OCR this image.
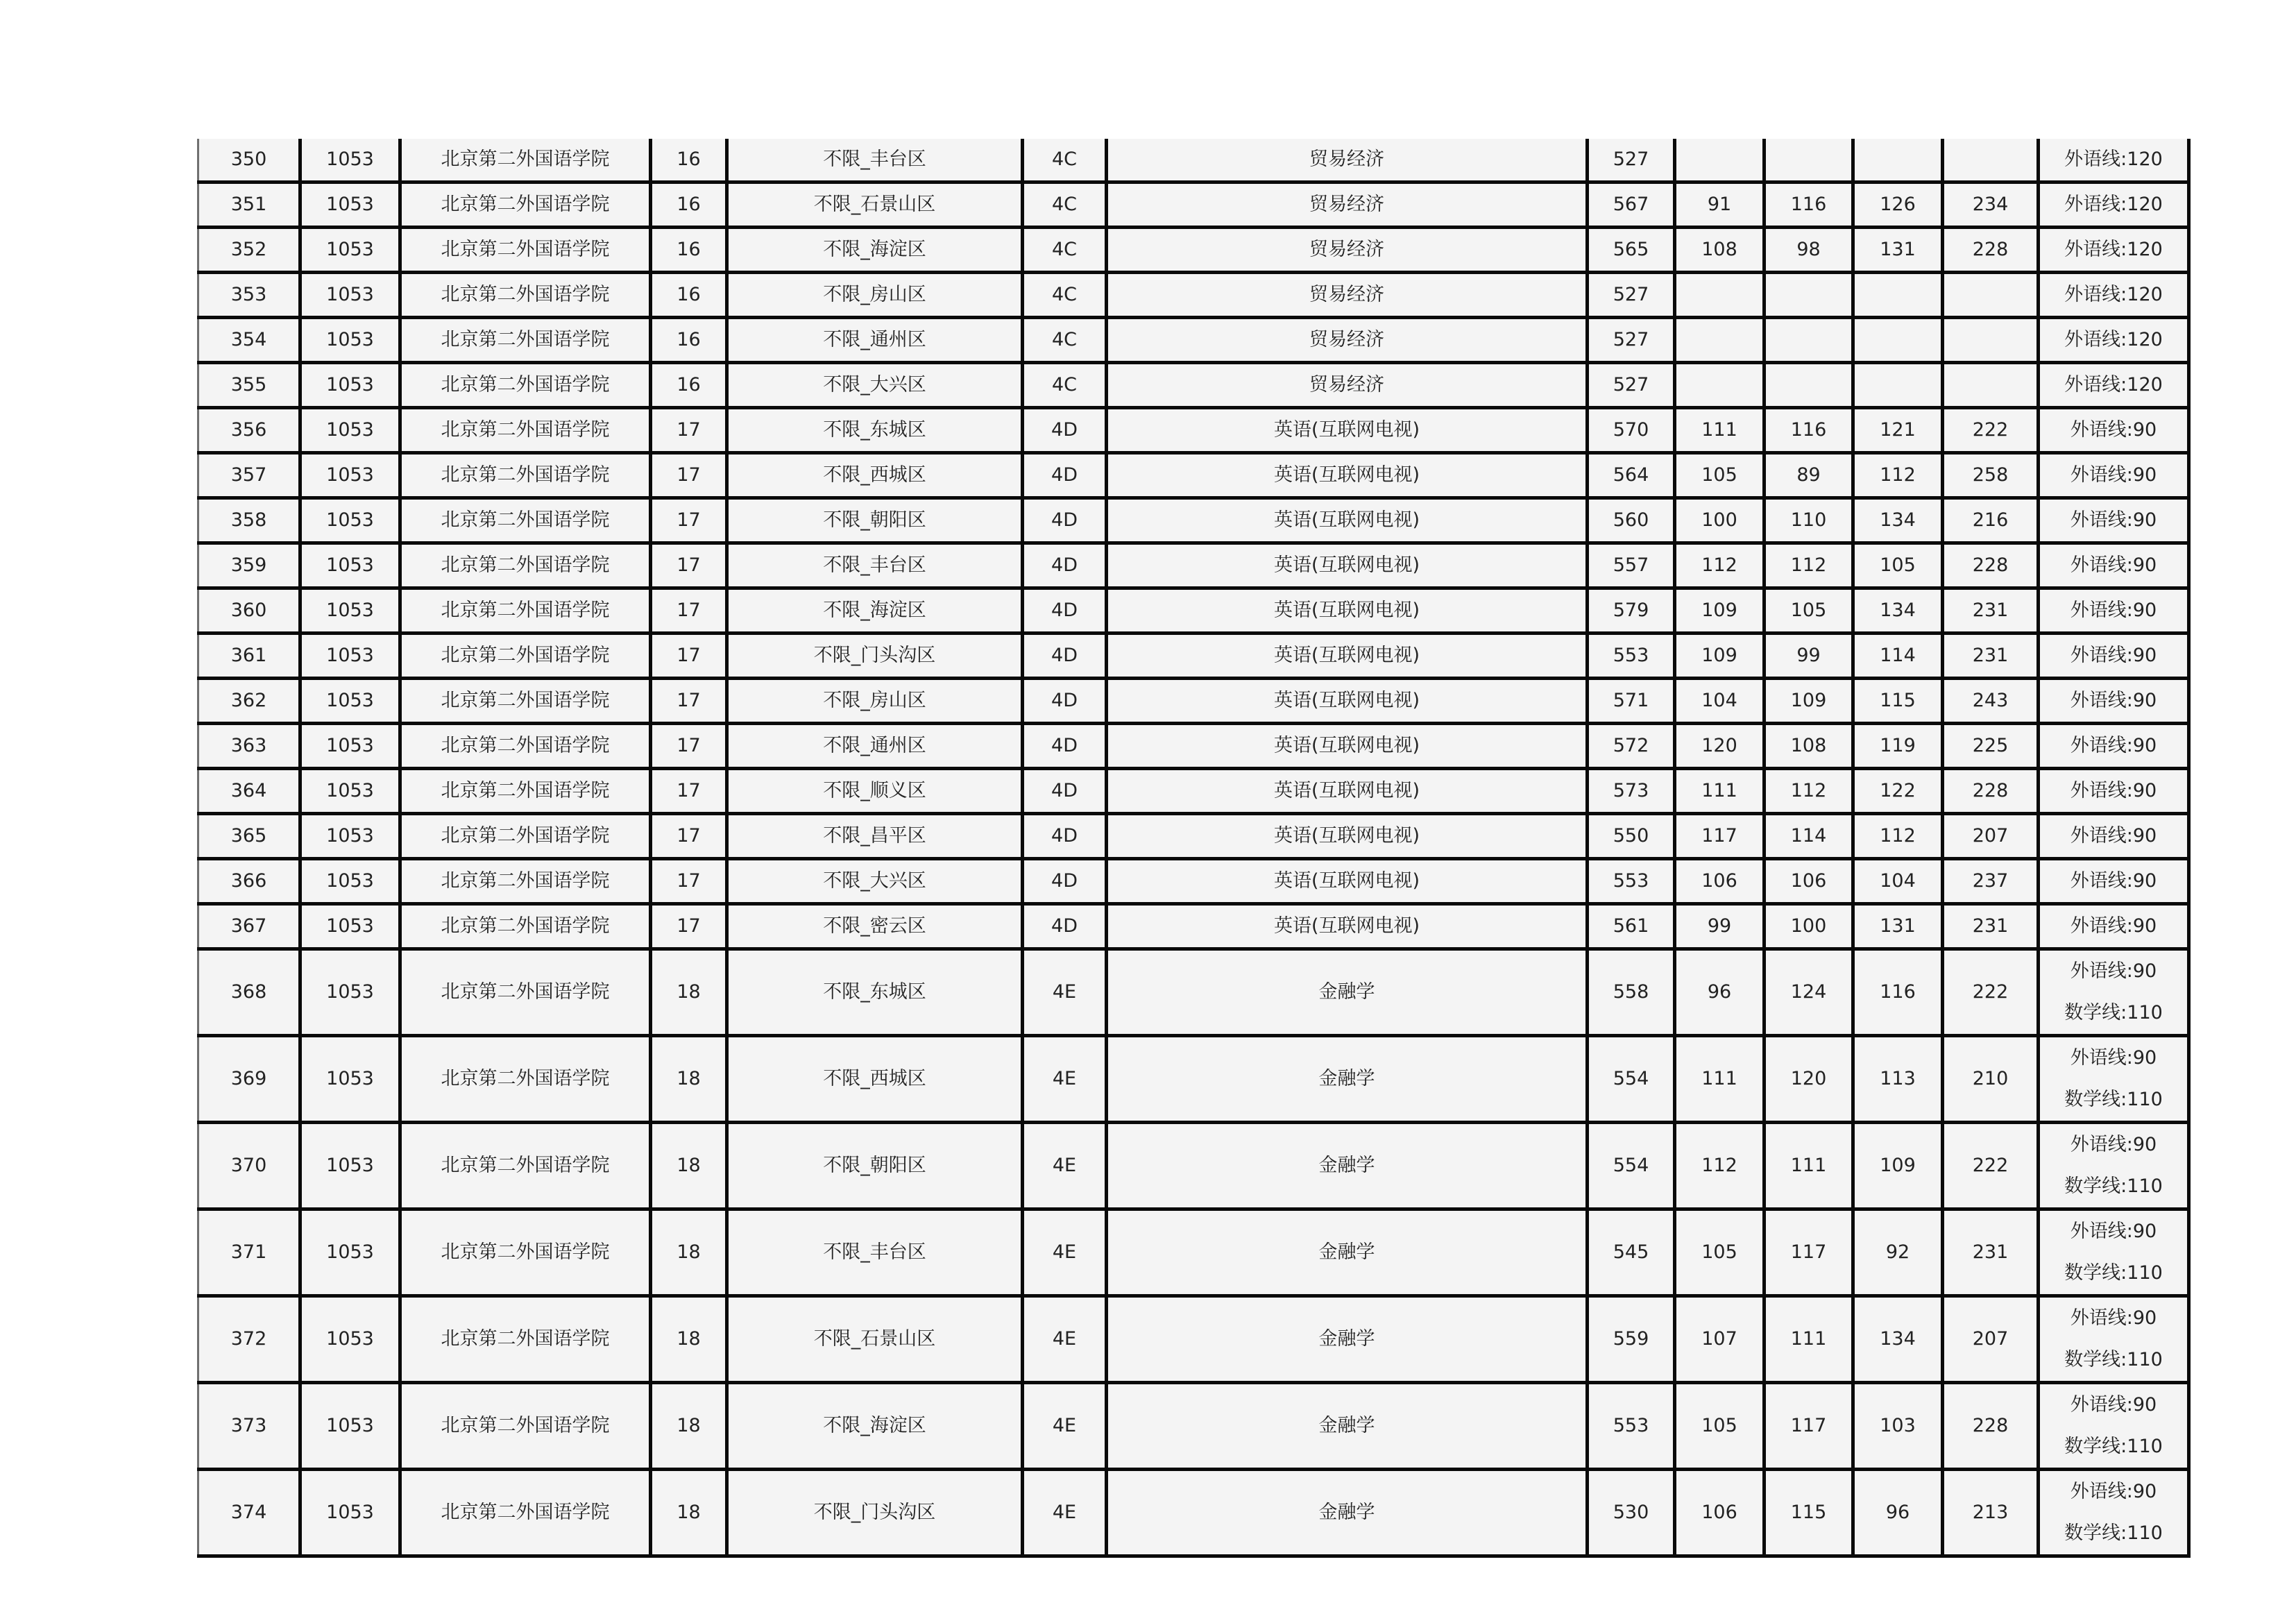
350	1053	北京第二外国语学院	16	不限_丰台区	4C	贸易经济	527					外语线:120

351	1053	北京第二外国语学院	16	不限_石景山区	4C	贸易经济	567	91	116	126	234	外语线:120

352	1053	北京第二外国语学院	16	不限_海淀区	4C	贸易经济	565	108	98	131	228	外语线:120

353	1053	北京第二外国语学院	16	不限_房山区	4C	贸易经济	527					外语线:120

354	1053	北京第二外国语学院	16	不限_通州区	4C	贸易经济	527					外语线:120

355	1053	北京第二外国语学院	16	不限_大兴区	4C	贸易经济	527					外语线:120

356	1053	北京第二外国语学院	17	不限_东城区	4D	英语(互联网电视)	570	111	116	121	222	外语线:90

357	1053	北京第二外国语学院	17	不限_西城区	4D	英语(互联网电视)	564	105	89	112	258	外语线:90

358	1053	北京第二外国语学院	17	不限_朝阳区	4D	英语(互联网电视)	560	100	110	134	216	外语线:90

359	1053	北京第二外国语学院	17	不限_丰台区	4D	英语(互联网电视)	557	112	112	105	228	外语线:90

360	1053	北京第二外国语学院	17	不限_海淀区	4D	英语(互联网电视)	579	109	105	134	231	外语线:90

361	1053	北京第二外国语学院	17	不限_门头沟区	4D	英语(互联网电视)	553	109	99	114	231	外语线:90

362	1053	北京第二外国语学院	17	不限_房山区	4D	英语(互联网电视)	571	104	109	115	243	外语线:90

363	1053	北京第二外国语学院	17	不限_通州区	4D	英语(互联网电视)	572	120	108	119	225	外语线:90

364	1053	北京第二外国语学院	17	不限_顺义区	4D	英语(互联网电视)	573	111	112	122	228	外语线:90

365	1053	北京第二外国语学院	17	不限_昌平区	4D	英语(互联网电视)	550	117	114	112	207	外语线:90

366	1053	北京第二外国语学院	17	不限_大兴区	4D	英语(互联网电视)	553	106	106	104	237	外语线:90

367	1053	北京第二外国语学院	17	不限_密云区	4D	英语(互联网电视)	561	99	100	131	231	外语线:90

368	1053	北京第二外国语学院	18	不限_东城区	4E	金融学	558	96	124	116	222	外语线:90
数学线:110

369	1053	北京第二外国语学院	18	不限_西城区	4E	金融学	554	111	120	113	210	外语线:90
数学线:110

370	1053	北京第二外国语学院	18	不限_朝阳区	4E	金融学	554	112	111	109	222	外语线:90
数学线:110

371	1053	北京第二外国语学院	18	不限_丰台区	4E	金融学	545	105	117	92	231	外语线:90
数学线:110

372	1053	北京第二外国语学院	18	不限_石景山区	4E	金融学	559	107	111	134	207	外语线:90
数学线:110

373	1053	北京第二外国语学院	18	不限_海淀区	4E	金融学	553	105	117	103	228	外语线:90
数学线:110

374	1053	北京第二外国语学院	18	不限_门头沟区	4E	金融学	530	106	115	96	213	外语线:90
数学线:110
